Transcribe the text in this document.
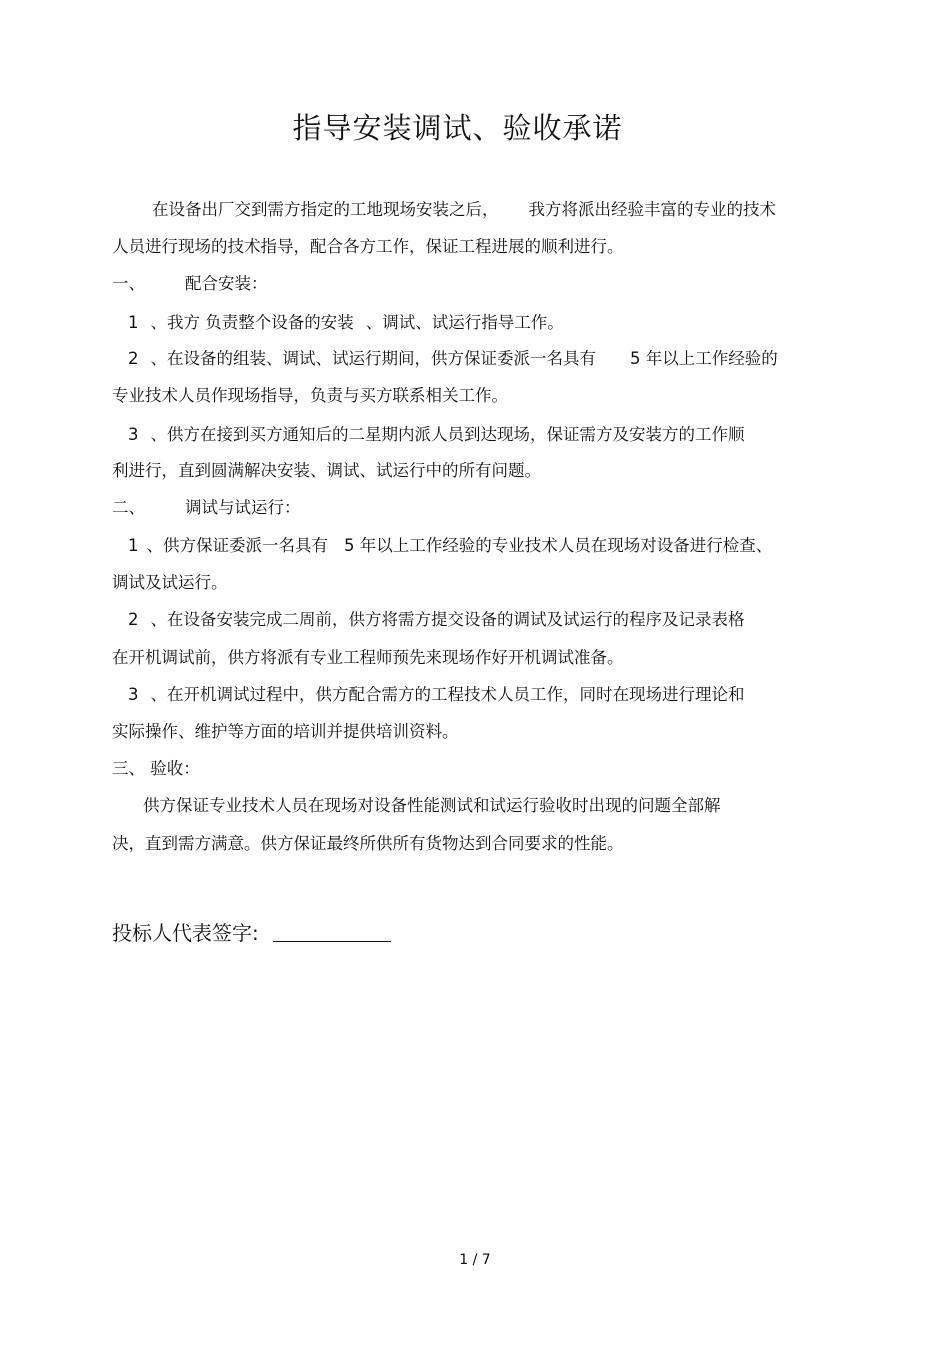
指导安装调试、验收承诺
在设备出厂交到需方指定的工地现场安装之后， 我方将派出经验丰富的专业的技术
人员进行现场的技术指导，配合各方工作，保证工程进展的顺利进行。
一、 配合安装：
1 、我方 负责整个设备的安装 、调试、试运行指导工作。
2 、在设备的组装、调试、试运行期间，供方保证委派一名具有 5 年以上工作经验的
专业技术人员作现场指导，负责与买方联系相关工作。
3 、供方在接到买方通知后的二星期内派人员到达现场，保证需方及安装方的工作顺
利进行，直到圆满解决安装、调试、试运行中的所有问题。
二、 调试与试运行：
1 、供方保证委派一名具有 5 年以上工作经验的专业技术人员在现场对设备进行检查、
调试及试运行。
2 、在设备安装完成二周前，供方将需方提交设备的调试及试运行的程序及记录表格
在开机调试前，供方将派有专业工程师预先来现场作好开机调试准备。
3 、在开机调试过程中，供方配合需方的工程技术人员工作，同时在现场进行理论和
实际操作、维护等方面的培训并提供培训资料。
三、 验收：
供方保证专业技术人员在现场对设备性能测试和试运行验收时出现的问题全部解
决，直到需方满意。供方保证最终所供所有货物达到合同要求的性能。
投标人代表签字:
1 / 7
